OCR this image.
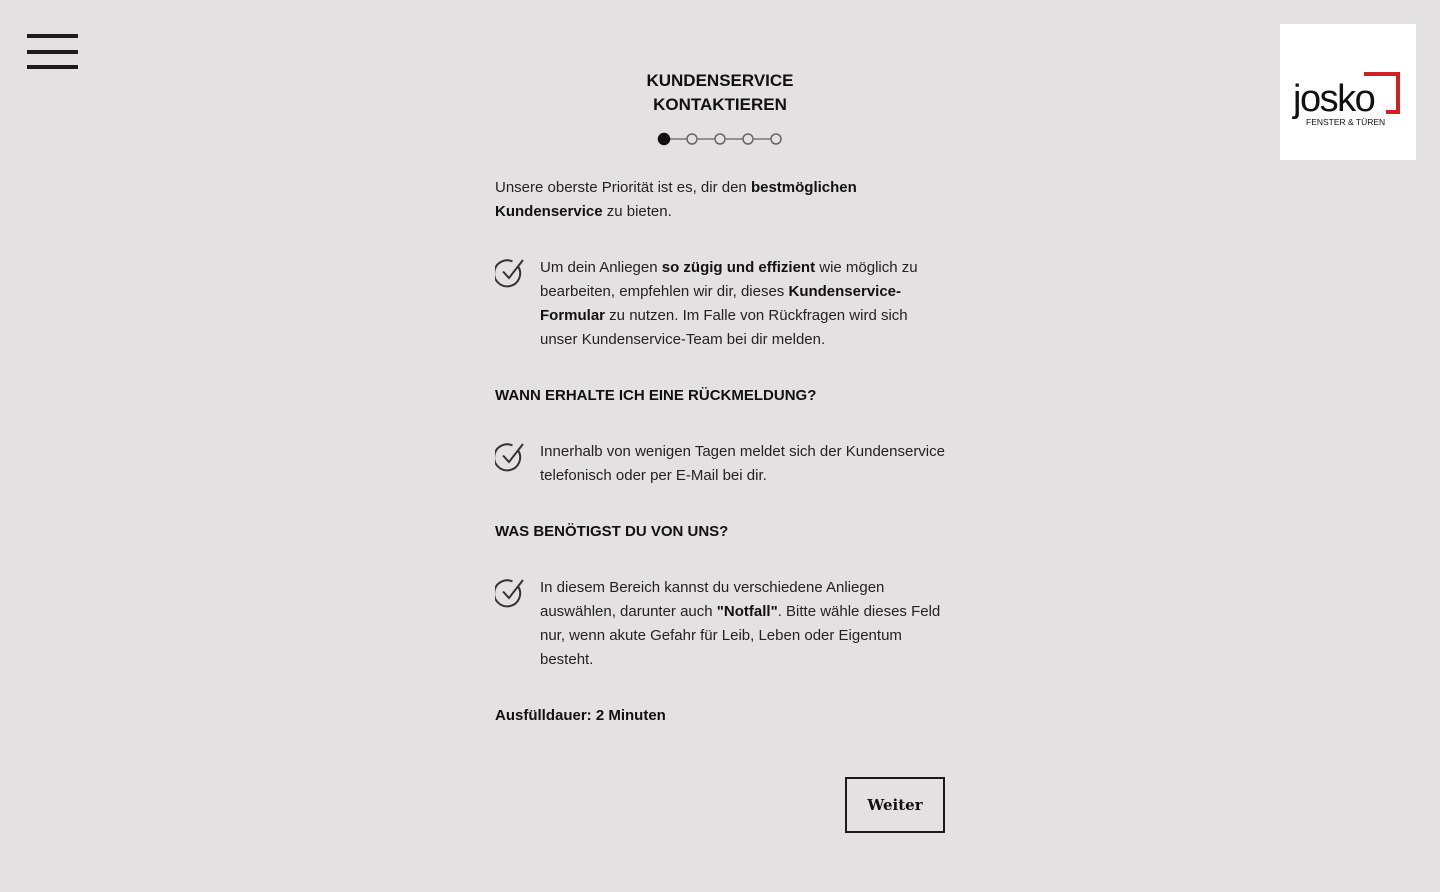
josko
FENSTER & TÜREN
KUNDENSERVICE
KONTAKTIEREN

Unsere oberste Priorität ist es, dir den bestmöglichen Kundenservice zu bieten.

Um dein Anliegen so zügig und effizient wie möglich zu bearbeiten, empfehlen wir dir, dieses Kundenservice-Formular zu nutzen. Im Falle von Rückfragen wird sich unser Kundenservice-Team bei dir melden.

WANN ERHALTE ICH EINE RÜCKMELDUNG?

Innerhalb von wenigen Tagen meldet sich der Kundenservice telefonisch oder per E-Mail bei dir.

WAS BENÖTIGST DU VON UNS?

In diesem Bereich kannst du verschiedene Anliegen auswählen, darunter auch "Notfall". Bitte wähle dieses Feld nur, wenn akute Gefahr für Leib, Leben oder Eigentum besteht.

Ausfülldauer: 2 Minuten

Weiter
